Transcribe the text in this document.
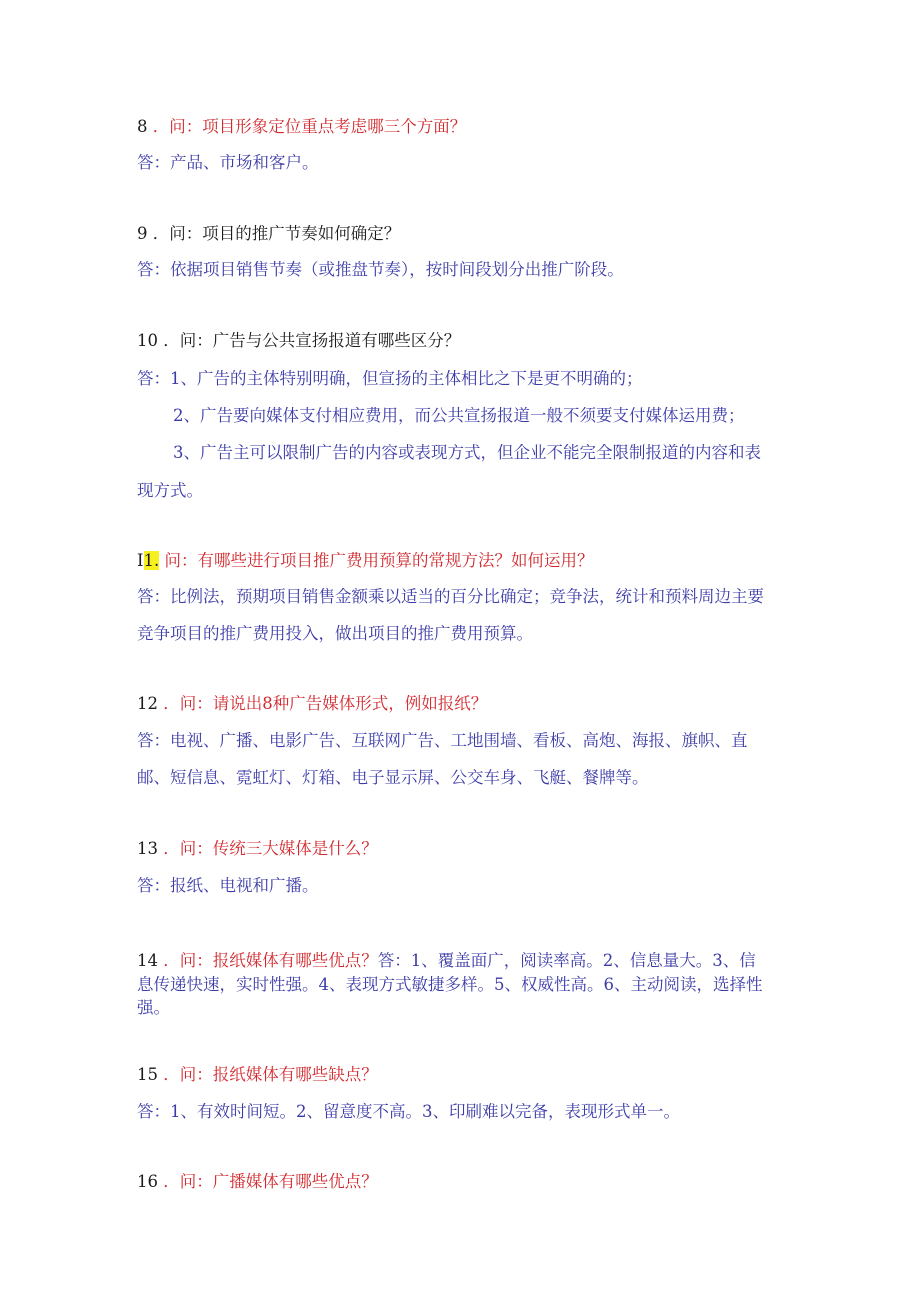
8 ．问：项目形象定位重点考虑哪三个方面？
答：产品、市场和客户。
9 ．问：项目的推广节奏如何确定？
答：依据项目销售节奏（或推盘节奏），按时间段划分出推广阶段。
10 ．问：广告与公共宣扬报道有哪些区分？
答：1、广告的主体特别明确，但宣扬的主体相比之下是更不明确的；
2、广告要向媒体支付相应费用，而公共宣扬报道一般不须要支付媒体运用费；
3、广告主可以限制广告的内容或表现方式，但企业不能完全限制报道的内容和表
现方式。
I1. 问：有哪些进行项目推广费用预算的常规方法？如何运用？
答：比例法，预期项目销售金额乘以适当的百分比确定；竞争法，统计和预料周边主要
竞争项目的推广费用投入，做出项目的推广费用预算。
12 ．问：请说出8种广告媒体形式，例如报纸？
答：电视、广播、电影广告、互联网广告、工地围墙、看板、高炮、海报、旗帜、直
邮、短信息、霓虹灯、灯箱、电子显示屏、公交车身、飞艇、餐牌等。
13 ．问：传统三大媒体是什么？
答：报纸、电视和广播。
14 ．问：报纸媒体有哪些优点？答：1、覆盖面广，阅读率高。2、信息量大。3、信
息传递快速，实时性强。4、表现方式敏捷多样。5、权威性高。6、主动阅读，选择性
强。
15 ．问：报纸媒体有哪些缺点？
答：1、有效时间短。2、留意度不高。3、印刷难以完备，表现形式单一。
16 ．问：广播媒体有哪些优点？
